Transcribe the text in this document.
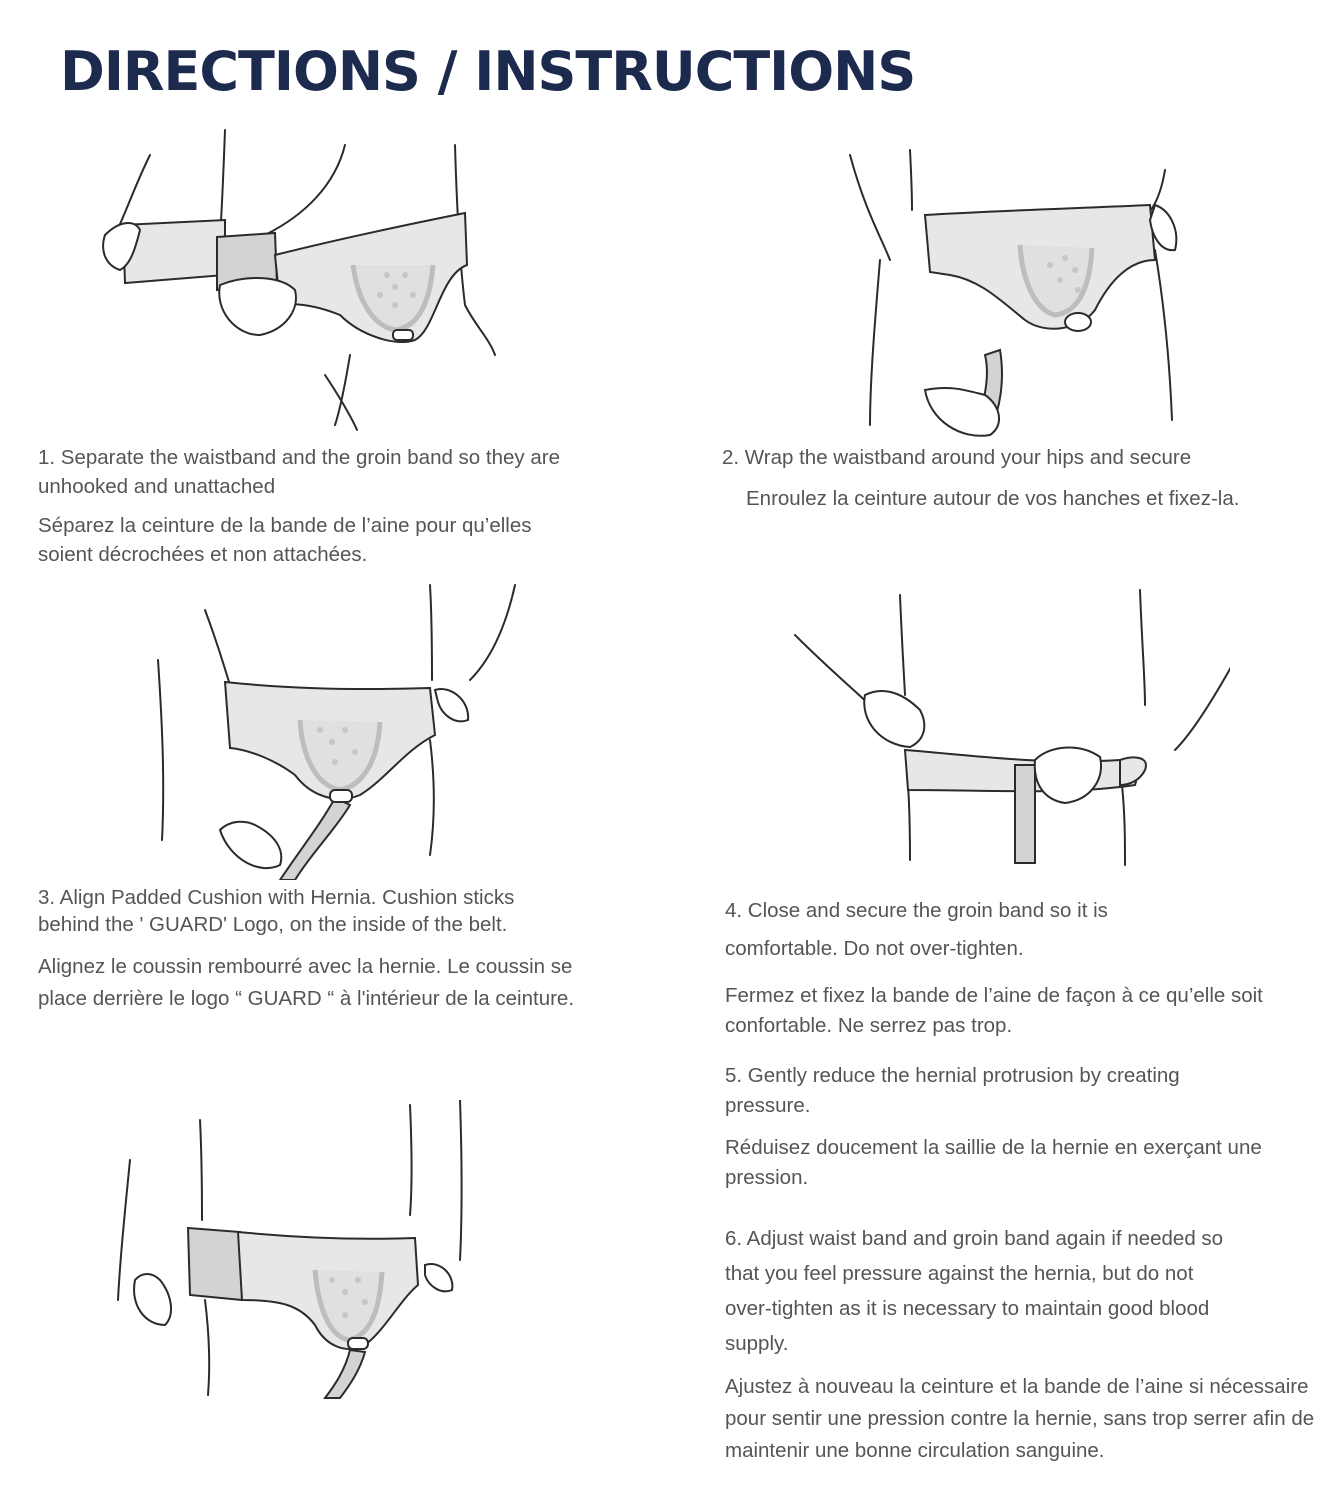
DIRECTIONS / INSTRUCTIONS

1. Separate the waistband and the groin band so they are unhooked and unattached

Séparez la ceinture de la bande de l’aine pour qu’elles soient décrochées et non attachées.

2. Wrap the waistband around your hips and secure

Enroulez la ceinture autour de vos hanches et fixez-la.

3. Align Padded Cushion with Hernia. Cushion sticks behind the ' GUARD' Logo, on the inside of the belt.

Alignez le coussin rembourré avec la hernie. Le coussin se place derrière le logo “ GUARD “ à l'intérieur de la ceinture.

4. Close and secure the groin band so it is comfortable. Do not over-tighten.

Fermez et fixez la bande de l’aine de façon à ce qu’elle soit confortable. Ne serrez pas trop.

5. Gently reduce the hernial protrusion by creating pressure.

Réduisez doucement la saillie de la hernie en exerçant une pression.

6. Adjust waist band and groin band again if needed so that you feel pressure against the hernia, but do not over-tighten as it is necessary to maintain good blood supply.

Ajustez à nouveau la ceinture et la bande de l’aine si nécessaire pour sentir une pression contre la hernie, sans trop serrer afin de maintenir une bonne circulation sanguine.
